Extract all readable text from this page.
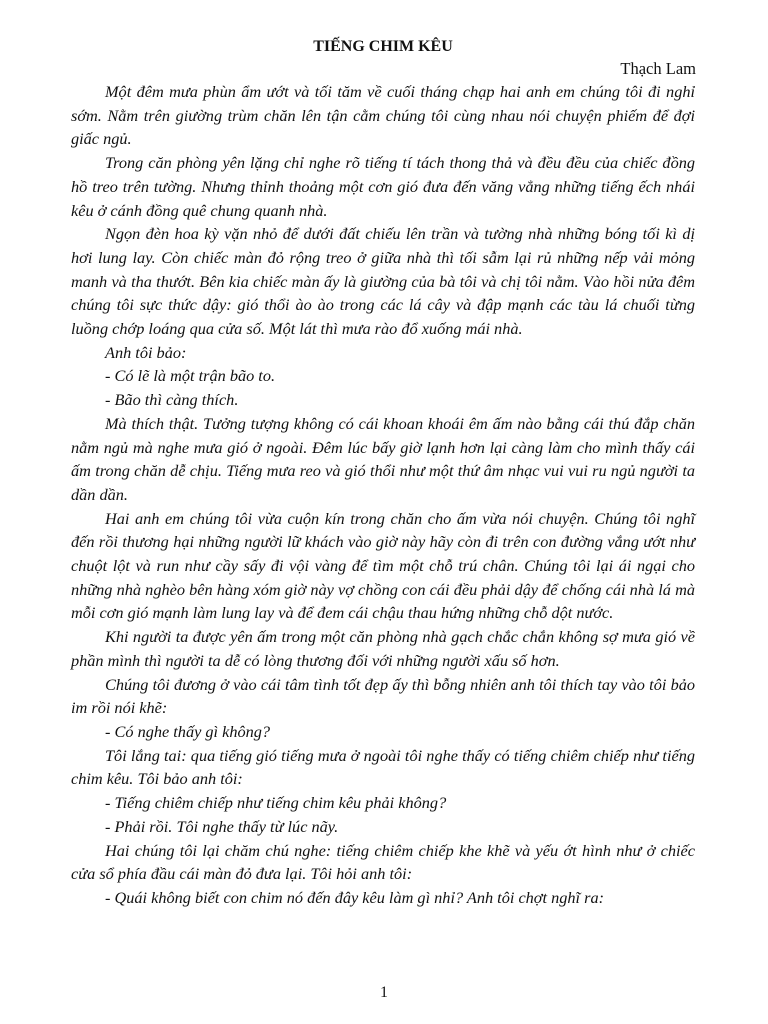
TIẾNG CHIM KÊU

Thạch Lam

Một đêm mưa phùn ẩm ướt và tối tăm về cuối tháng chạp hai anh em chúng tôi đi nghỉ sớm. Nằm trên giường trùm chăn lên tận cằm chúng tôi cùng nhau nói chuyện phiếm để đợi giấc ngủ.

Trong căn phòng yên lặng chỉ nghe rõ tiếng tí tách thong thả và đều đều của chiếc đồng hồ treo trên tường. Nhưng thỉnh thoảng một cơn gió đưa đến văng vẳng những tiếng ếch nhái kêu ở cánh đồng quê chung quanh nhà.

Ngọn đèn hoa kỳ vặn nhỏ để dưới đất chiếu lên trần và tường nhà những bóng tối kì dị hơi lung lay. Còn chiếc màn đỏ rộng treo ở giữa nhà thì tối sẫm lại rủ những nếp vải mỏng manh và tha thướt. Bên kia chiếc màn ấy là giường của bà tôi và chị tôi nằm. Vào hồi nửa đêm chúng tôi sực thức dậy: gió thổi ào ào trong các lá cây và đập mạnh các tàu lá chuối từng luồng chớp loáng qua cửa số. Một lát thì mưa rào đổ xuống mái nhà.

Anh tôi bảo:

- Có lẽ là một trận bão to.

- Bão thì càng thích.

Mà thích thật. Tưởng tượng không có cái khoan khoái êm ấm nào bằng cái thú đắp chăn nằm ngủ mà nghe mưa gió ở ngoài. Đêm lúc bấy giờ lạnh hơn lại càng làm cho mình thấy cái ấm trong chăn dễ chịu. Tiếng mưa reo và gió thổi như một thứ âm nhạc vui vui ru ngủ người ta dần dần.

Hai anh em chúng tôi vừa cuộn kín trong chăn cho ấm vừa nói chuyện. Chúng tôi nghĩ đến rồi thương hại những người lữ khách vào giờ này hãy còn đi trên con đường vắng ướt như chuột lột và run như cầy sấy đi vội vàng để tìm một chỗ trú chân. Chúng tôi lại ái ngại cho những nhà nghèo bên hàng xóm giờ này vợ chồng con cái đều phải dậy để chống cái nhà lá mà mỗi cơn gió mạnh làm lung lay và để đem cái chậu thau hứng những chỗ dột nước.

Khi người ta được yên ấm trong một căn phòng nhà gạch chắc chắn không sợ mưa gió về phần mình thì người ta dễ có lòng thương đối với những người xấu số hơn.

Chúng tôi đương ở vào cái tâm tình tốt đẹp ấy thì bỗng nhiên anh tôi thích tay vào tôi bảo im rồi nói khẽ:

- Có nghe thấy gì không?

Tôi lắng tai: qua tiếng gió tiếng mưa ở ngoài tôi nghe thấy có tiếng chiêm chiếp như tiếng chim kêu. Tôi bảo anh tôi:

- Tiếng chiêm chiếp như tiếng chim kêu phải không?

- Phải rồi. Tôi nghe thấy từ lúc nãy.

Hai chúng tôi lại chăm chú nghe: tiếng chiêm chiếp khe khẽ và yếu ớt hình như ở chiếc cửa sổ phía đầu cái màn đỏ đưa lại. Tôi hỏi anh tôi:

- Quái không biết con chim nó đến đây kêu làm gì nhỉ? Anh tôi chợt nghĩ ra:

1
